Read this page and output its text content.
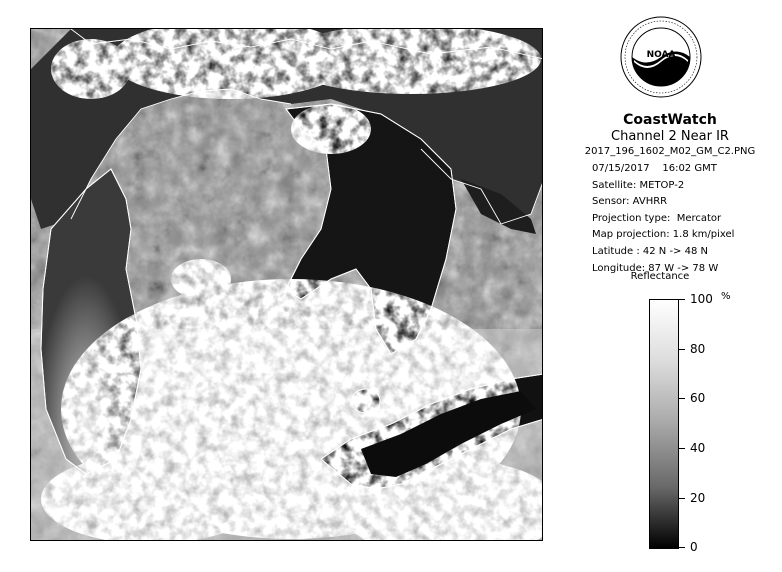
NOAA
CoastWatch
Channel 2 Near IR
2017_196_1602_M02_GM_C2.PNG
07/15/2017    16:02 GMT
Satellite: METOP-2
Sensor: AVHRR
Projection type:  Mercator
Map projection: 1.8 km/pixel
Latitude : 42 N -> 48 N
Longitude: 87 W -> 78 W
Reflectance
%
100
80
60
40
20
0
